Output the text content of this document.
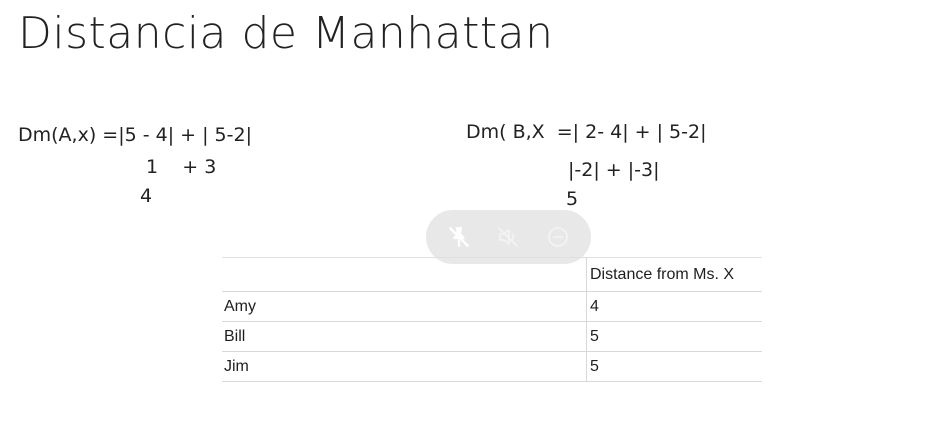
Distancia de Manhattan
Dm(A,x) =|5 - 4| + | 5-2|
1    + 3
4
Dm( B,X  =| 2- 4| + | 5-2|
|-2| + |-3|
5
	Distance from Ms. X
Amy	4
Bill	5
Jim	5
